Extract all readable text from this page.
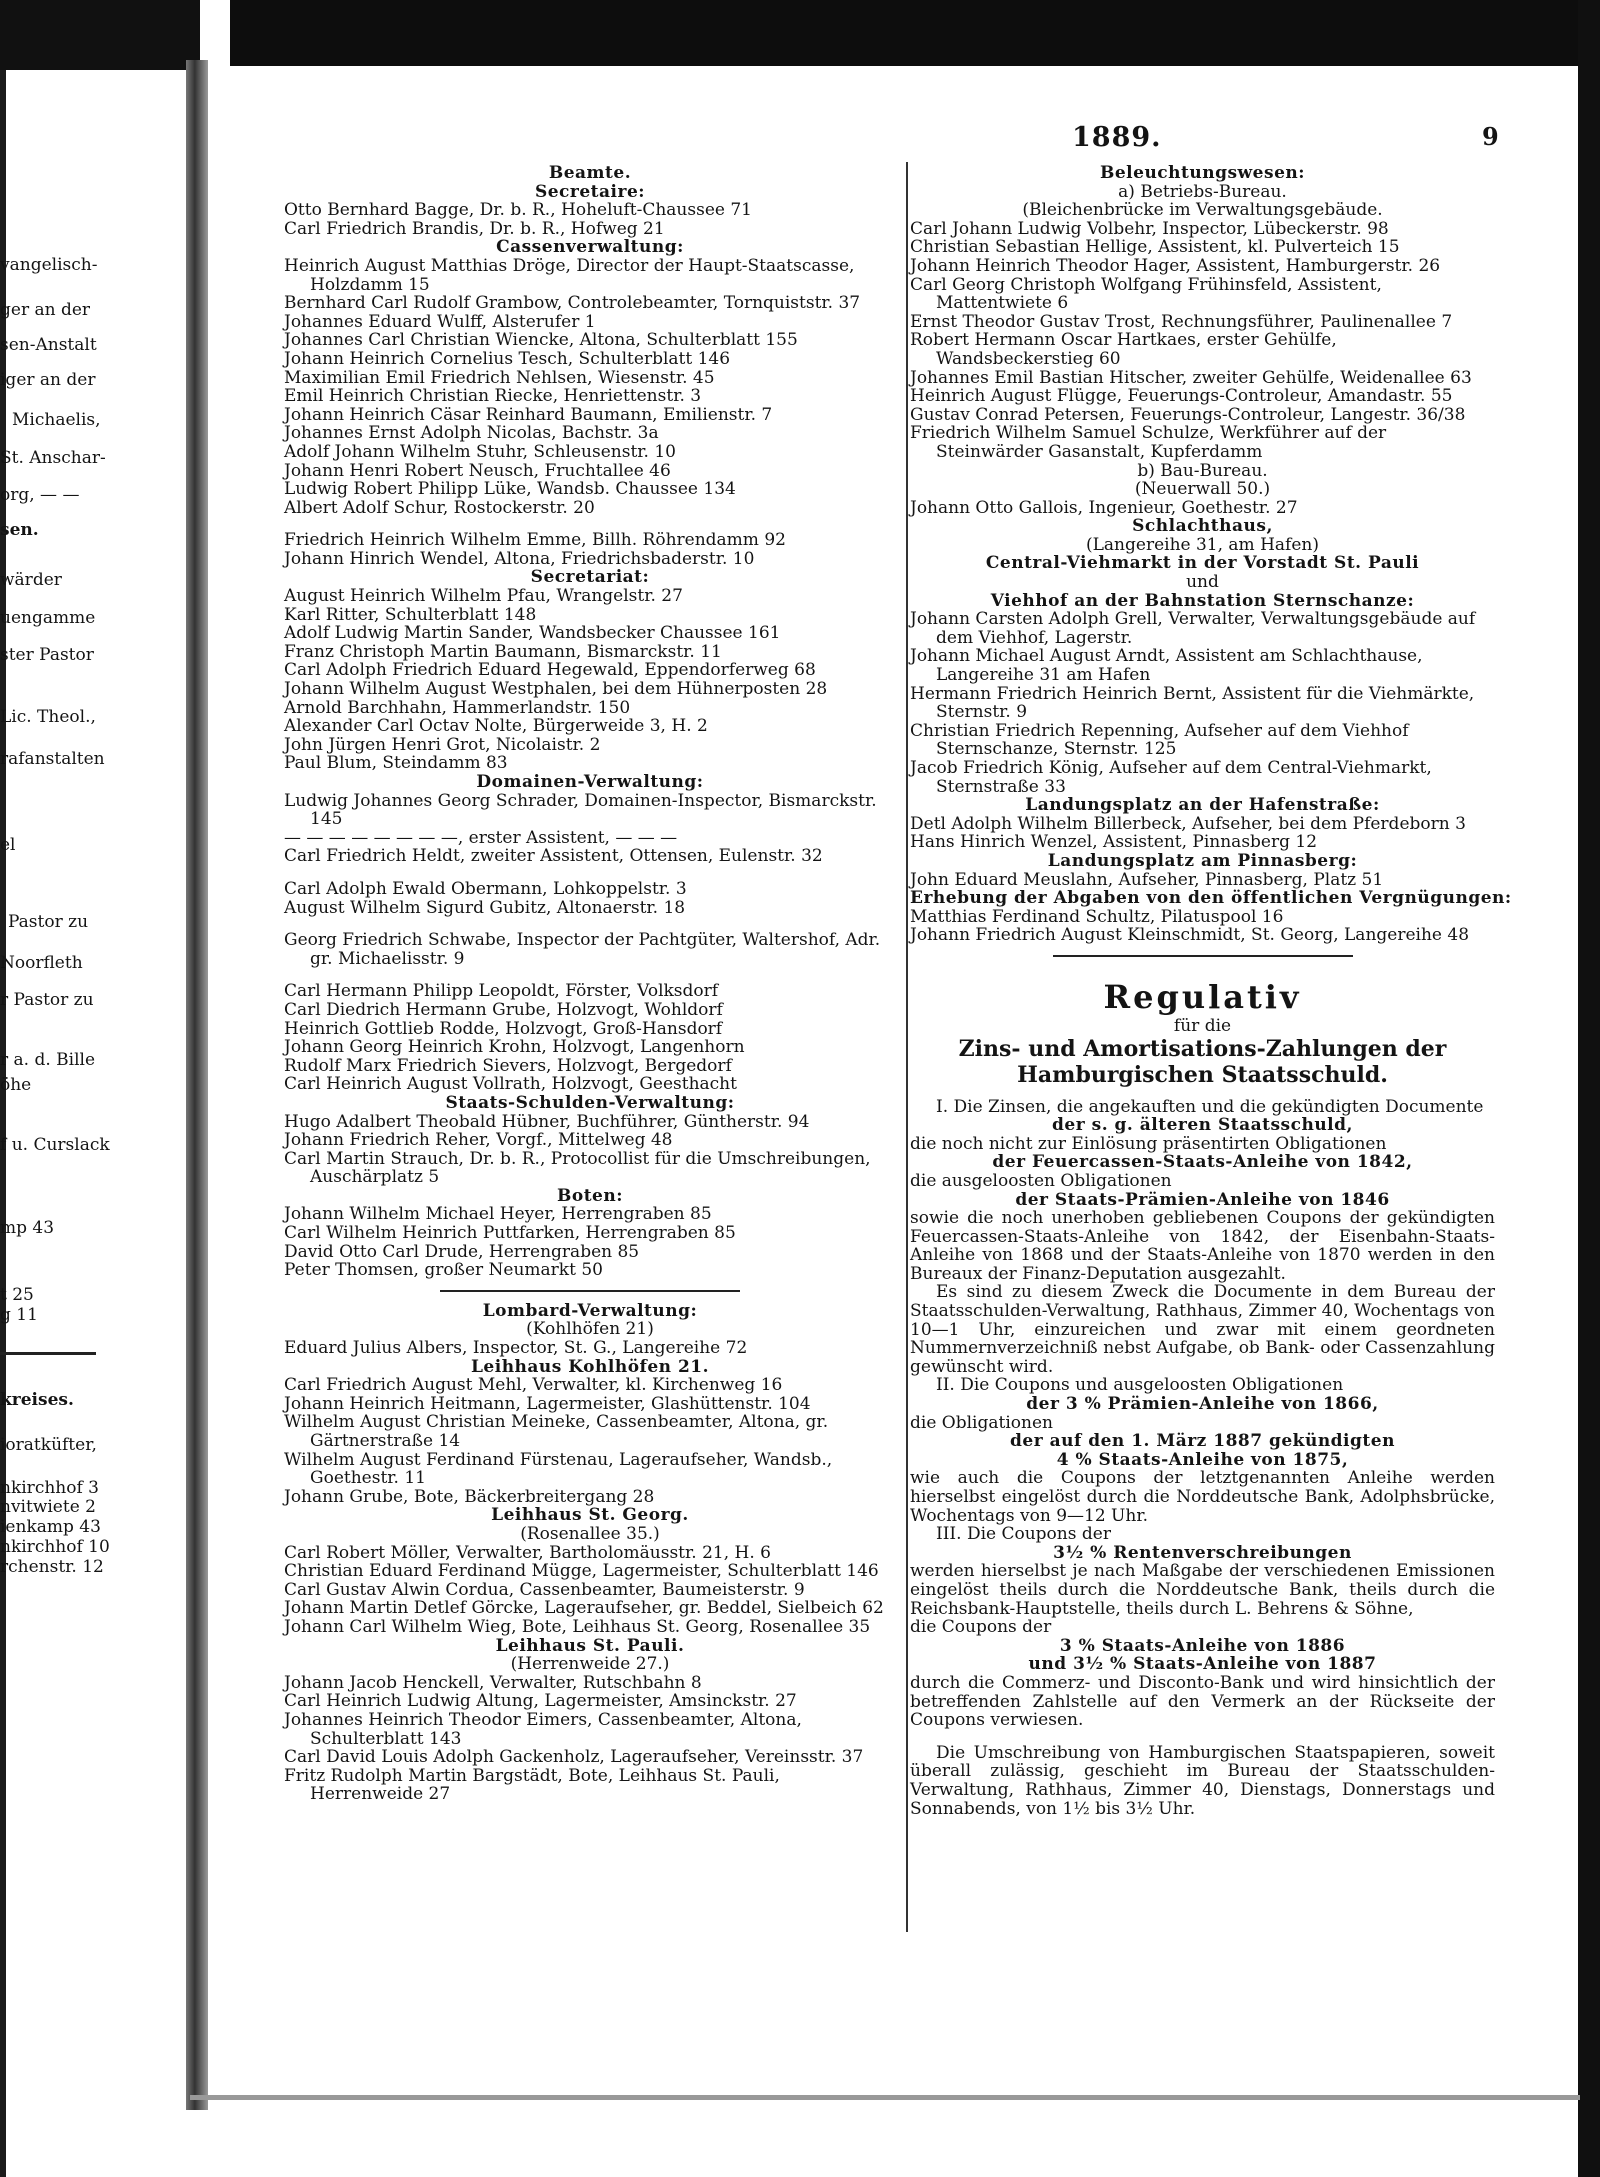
vangelisch-
ger an der
sen-Anstalt
iger an der
Michaelis,
St. Anschar-
org, — —
sen.
wärder
uengamme
ster Pastor
Lic. Theol.,
rafanstalten
el
Pastor zu
Noorfleth
r Pastor zu
r a. d. Bille
öhe
f u. Curslack
mp 43
t 25
g 11
kreises.
ioratküfter,
nkirchhof 3
nvitwiete 2
ienkamp 43
nkirchhof 10
rchenstr. 12
1889.	9
Beamte.
Secretaire:
Otto Bernhard Bagge, Dr. b. R., Hoheluft-Chaussee 71
Carl Friedrich Brandis, Dr. b. R., Hofweg 21
Cassenverwaltung:
Heinrich August Matthias Dröge, Director der Haupt-Staatscasse, Holzdamm 15
Bernhard Carl Rudolf Grambow, Controlebeamter, Tornquiststr. 37
Johannes Eduard Wulff, Alsterufer 1
Johannes Carl Christian Wiencke, Altona, Schulterblatt 155
Johann Heinrich Cornelius Tesch, Schulterblatt 146
Maximilian Emil Friedrich Nehlsen, Wiesenstr. 45
Emil Heinrich Christian Riecke, Henriettenstr. 3
Johann Heinrich Cäsar Reinhard Baumann, Emilienstr. 7
Johannes Ernst Adolph Nicolas, Bachstr. 3a
Adolf Johann Wilhelm Stuhr, Schleusenstr. 10
Johann Henri Robert Neusch, Fruchtallee 46
Ludwig Robert Philipp Lüke, Wandsb. Chaussee 134
Albert Adolf Schur, Rostockerstr. 20
Friedrich Heinrich Wilhelm Emme, Billh. Röhrendamm 92
Johann Hinrich Wendel, Altona, Friedrichsbaderstr. 10
Secretariat:
August Heinrich Wilhelm Pfau, Wrangelstr. 27
Karl Ritter, Schulterblatt 148
Adolf Ludwig Martin Sander, Wandsbecker Chaussee 161
Franz Christoph Martin Baumann, Bismarckstr. 11
Carl Adolph Friedrich Eduard Hegewald, Eppendorferweg 68
Johann Wilhelm August Westphalen, bei dem Hühnerposten 28
Arnold Barchhahn, Hammerlandstr. 150
Alexander Carl Octav Nolte, Bürgerweide 3, H. 2
John Jürgen Henri Grot, Nicolaistr. 2
Paul Blum, Steindamm 83
Domainen-Verwaltung:
Ludwig Johannes Georg Schrader, Domainen-Inspector, Bismarckstr. 145
— — — — — — — —, erster Assistent, — — —
Carl Friedrich Heldt, zweiter Assistent, Ottensen, Eulenstr. 32
Carl Adolph Ewald Obermann, Lohkoppelstr. 3
August Wilhelm Sigurd Gubitz, Altonaerstr. 18
Georg Friedrich Schwabe, Inspector der Pachtgüter, Waltershof, Adr. gr. Michaelisstr. 9
Carl Hermann Philipp Leopoldt, Förster, Volksdorf
Carl Diedrich Hermann Grube, Holzvogt, Wohldorf
Heinrich Gottlieb Rodde, Holzvogt, Groß-Hansdorf
Johann Georg Heinrich Krohn, Holzvogt, Langenhorn
Rudolf Marx Friedrich Sievers, Holzvogt, Bergedorf
Carl Heinrich August Vollrath, Holzvogt, Geesthacht
Staats-Schulden-Verwaltung:
Hugo Adalbert Theobald Hübner, Buchführer, Güntherstr. 94
Johann Friedrich Reher, Vorgf., Mittelweg 48
Carl Martin Strauch, Dr. b. R., Protocollist für die Umschreibungen, Auschärplatz 5
Boten:
Johann Wilhelm Michael Heyer, Herrengraben 85
Carl Wilhelm Heinrich Puttfarken, Herrengraben 85
David Otto Carl Drude, Herrengraben 85
Peter Thomsen, großer Neumarkt 50
Lombard-Verwaltung:
(Kohlhöfen 21)
Eduard Julius Albers, Inspector, St. G., Langereihe 72
Leihhaus Kohlhöfen 21.
Carl Friedrich August Mehl, Verwalter, kl. Kirchenweg 16
Johann Heinrich Heitmann, Lagermeister, Glashüttenstr. 104
Wilhelm August Christian Meineke, Cassenbeamter, Altona, gr. Gärtnerstraße 14
Wilhelm August Ferdinand Fürstenau, Lageraufseher, Wandsb., Goethestr. 11
Johann Grube, Bote, Bäckerbreitergang 28
Leihhaus St. Georg.
(Rosenallee 35.)
Carl Robert Möller, Verwalter, Bartholomäusstr. 21, H. 6
Christian Eduard Ferdinand Mügge, Lagermeister, Schulterblatt 146
Carl Gustav Alwin Cordua, Cassenbeamter, Baumeisterstr. 9
Johann Martin Detlef Görcke, Lageraufseher, gr. Beddel, Sielbeich 62
Johann Carl Wilhelm Wieg, Bote, Leihhaus St. Georg, Rosenallee 35
Leihhaus St. Pauli.
(Herrenweide 27.)
Johann Jacob Henckell, Verwalter, Rutschbahn 8
Carl Heinrich Ludwig Altung, Lagermeister, Amsinckstr. 27
Johannes Heinrich Theodor Eimers, Cassenbeamter, Altona, Schulterblatt 143
Carl David Louis Adolph Gackenholz, Lageraufseher, Vereinsstr. 37
Fritz Rudolph Martin Bargstädt, Bote, Leihhaus St. Pauli, Herrenweide 27
Beleuchtungswesen:
a) Betriebs-Bureau.
(Bleichenbrücke im Verwaltungsgebäude.
Carl Johann Ludwig Volbehr, Inspector, Lübeckerstr. 98
Christian Sebastian Hellige, Assistent, kl. Pulverteich 15
Johann Heinrich Theodor Hager, Assistent, Hamburgerstr. 26
Carl Georg Christoph Wolfgang Frühinsfeld, Assistent, Mattentwiete 6
Ernst Theodor Gustav Trost, Rechnungsführer, Paulinenallee 7
Robert Hermann Oscar Hartkaes, erster Gehülfe, Wandsbeckerstieg 60
Johannes Emil Bastian Hitscher, zweiter Gehülfe, Weidenallee 63
Heinrich August Flügge, Feuerungs-Controleur, Amandastr. 55
Gustav Conrad Petersen, Feuerungs-Controleur, Langestr. 36/38
Friedrich Wilhelm Samuel Schulze, Werkführer auf der Steinwärder Gasanstalt, Kupferdamm
b) Bau-Bureau.
(Neuerwall 50.)
Johann Otto Gallois, Ingenieur, Goethestr. 27
Schlachthaus,
(Langereihe 31, am Hafen)
Central-Viehmarkt in der Vorstadt St. Pauli
und
Viehhof an der Bahnstation Sternschanze:
Johann Carsten Adolph Grell, Verwalter, Verwaltungsgebäude auf dem Viehhof, Lagerstr.
Johann Michael August Arndt, Assistent am Schlachthause, Langereihe 31 am Hafen
Hermann Friedrich Heinrich Bernt, Assistent für die Viehmärkte, Sternstr. 9
Christian Friedrich Repenning, Aufseher auf dem Viehhof Sternschanze, Sternstr. 125
Jacob Friedrich König, Aufseher auf dem Central-Viehmarkt, Sternstraße 33
Landungsplatz an der Hafenstraße:
Detl Adolph Wilhelm Billerbeck, Aufseher, bei dem Pferdeborn 3
Hans Hinrich Wenzel, Assistent, Pinnasberg 12
Landungsplatz am Pinnasberg:
John Eduard Meuslahn, Aufseher, Pinnasberg, Platz 51
Erhebung der Abgaben von den öffentlichen Vergnügungen:
Matthias Ferdinand Schultz, Pilatuspool 16
Johann Friedrich August Kleinschmidt, St. Georg, Langereihe 48
Regulativ
für die
Zins- und Amortisations-Zahlungen der
Hamburgischen Staatsschuld.
I. Die Zinsen, die angekauften und die gekündigten Documente
der s. g. älteren Staatsschuld,
die noch nicht zur Einlösung präsentirten Obligationen
der Feuercassen-Staats-Anleihe von 1842,
die ausgeloosten Obligationen
der Staats-Prämien-Anleihe von 1846
sowie die noch unerhoben gebliebenen Coupons der gekündigten Feuercassen-Staats-Anleihe von 1842, der Eisenbahn-Staats-Anleihe von 1868 und der Staats-Anleihe von 1870 werden in den Bureaux der Finanz-Deputation ausgezahlt.
Es sind zu diesem Zweck die Documente in dem Bureau der Staatsschulden-Verwaltung, Rathhaus, Zimmer 40, Wochentags von 10—1 Uhr, einzureichen und zwar mit einem geordneten Nummernverzeichniß nebst Aufgabe, ob Bank- oder Cassenzahlung gewünscht wird.
II. Die Coupons und ausgeloosten Obligationen
der 3 % Prämien-Anleihe von 1866,
die Obligationen
der auf den 1. März 1887 gekündigten
4 % Staats-Anleihe von 1875,
wie auch die Coupons der letztgenannten Anleihe werden hierselbst eingelöst durch die Norddeutsche Bank, Adolphsbrücke, Wochentags von 9—12 Uhr.
III. Die Coupons der
3½ % Rentenverschreibungen
werden hierselbst je nach Maßgabe der verschiedenen Emissionen eingelöst theils durch die Norddeutsche Bank, theils durch die Reichsbank-Hauptstelle, theils durch L. Behrens & Söhne,
die Coupons der
3 % Staats-Anleihe von 1886
und 3½ % Staats-Anleihe von 1887
durch die Commerz- und Disconto-Bank und wird hinsichtlich der betreffenden Zahlstelle auf den Vermerk an der Rückseite der Coupons verwiesen.
Die Umschreibung von Hamburgischen Staatspapieren, soweit überall zulässig, geschieht im Bureau der Staatsschulden-Verwaltung, Rathhaus, Zimmer 40, Dienstags, Donnerstags und Sonnabends, von 1½ bis 3½ Uhr.
